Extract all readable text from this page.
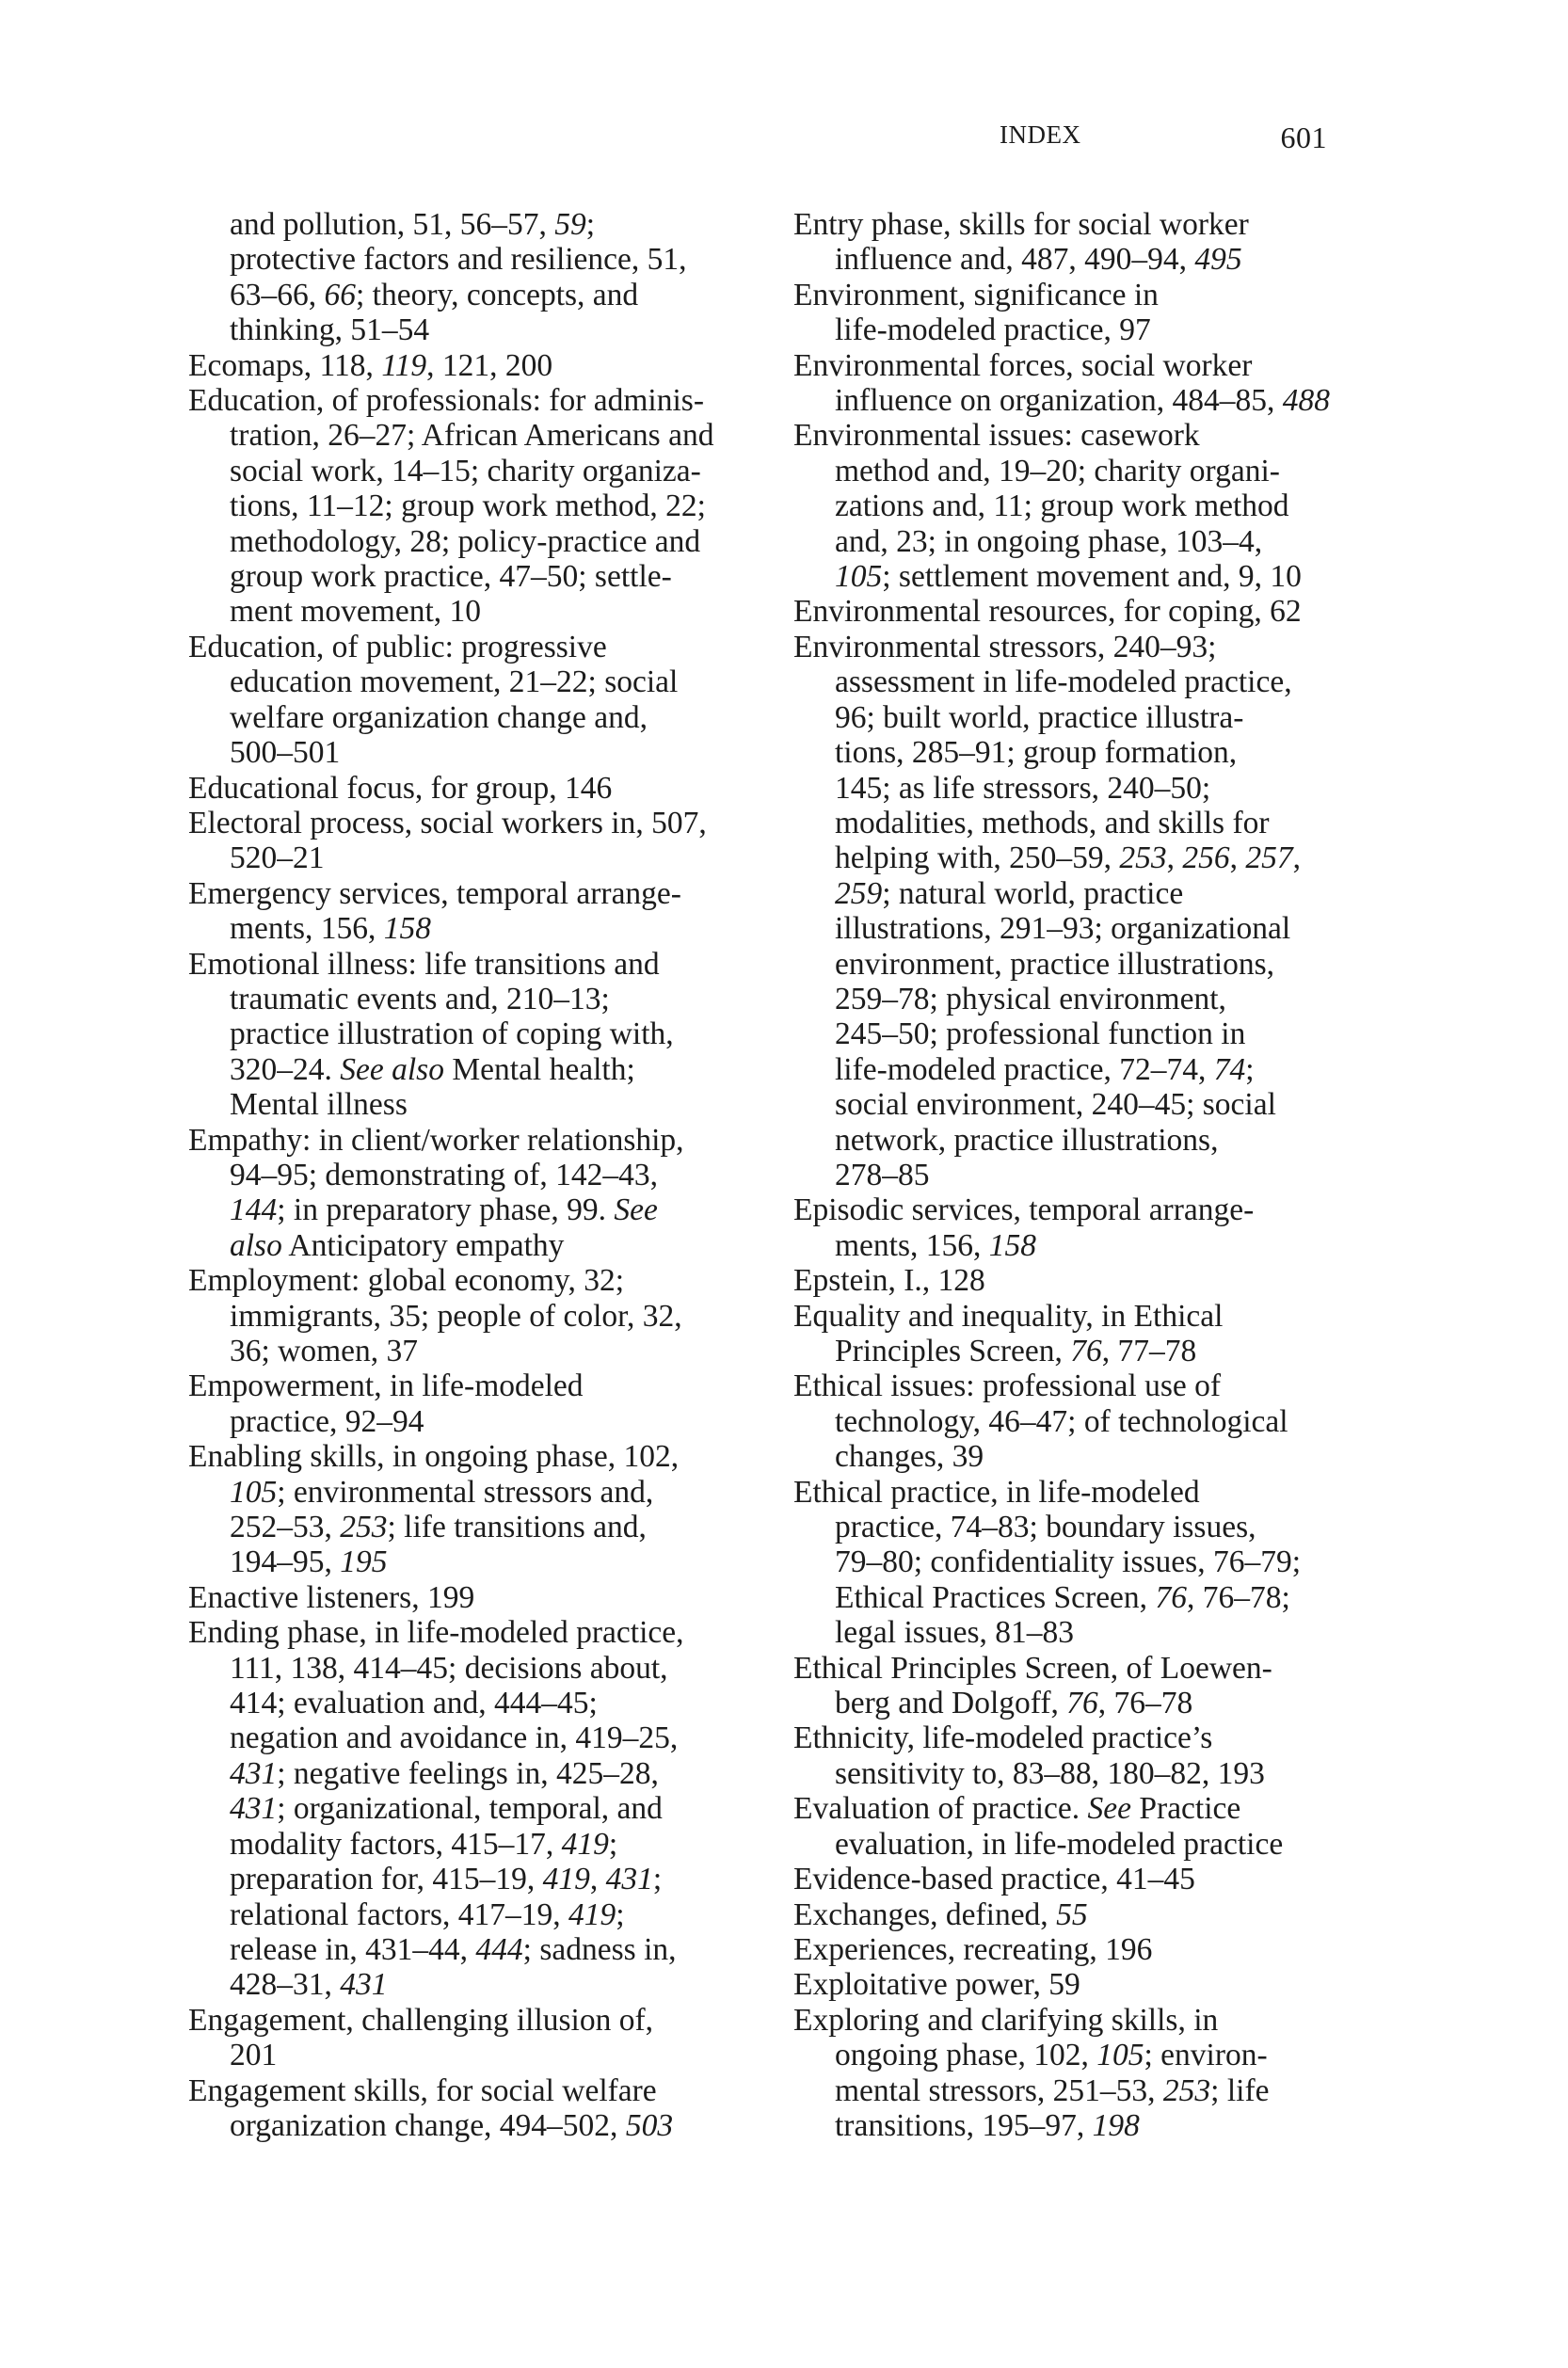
INDEX	601
and pollution, 51, 56–57, 59;
protective factors and resilience, 51,
63–66, 66; theory, concepts, and
thinking, 51–54
Ecomaps, 118, 119, 121, 200
Education, of professionals: for adminis-
tration, 26–27; African Americans and
social work, 14–15; charity organiza-
tions, 11–12; group work method, 22;
methodology, 28; policy-practice and
group work practice, 47–50; settle-
ment movement, 10
Education, of public: progressive
education movement, 21–22; social
welfare organization change and,
500–501
Educational focus, for group, 146
Electoral process, social workers in, 507,
520–21
Emergency services, temporal arrange-
ments, 156, 158
Emotional illness: life transitions and
traumatic events and, 210–13;
practice illustration of coping with,
320–24. See also Mental health;
Mental illness
Empathy: in client/worker relationship,
94–95; demonstrating of, 142–43,
144; in preparatory phase, 99. See
also Anticipatory empathy
Employment: global economy, 32;
immigrants, 35; people of color, 32,
36; women, 37
Empowerment, in life-modeled
practice, 92–94
Enabling skills, in ongoing phase, 102,
105; environmental stressors and,
252–53, 253; life transitions and,
194–95, 195
Enactive listeners, 199
Ending phase, in life-modeled practice,
111, 138, 414–45; decisions about,
414; evaluation and, 444–45;
negation and avoidance in, 419–25,
431; negative feelings in, 425–28,
431; organizational, temporal, and
modality factors, 415–17, 419;
preparation for, 415–19, 419, 431;
relational factors, 417–19, 419;
release in, 431–44, 444; sadness in,
428–31, 431
Engagement, challenging illusion of,
201
Engagement skills, for social welfare
organization change, 494–502, 503
Entry phase, skills for social worker
influence and, 487, 490–94, 495
Environment, significance in
life-modeled practice, 97
Environmental forces, social worker
influence on organization, 484–85, 488
Environmental issues: casework
method and, 19–20; charity organi-
zations and, 11; group work method
and, 23; in ongoing phase, 103–4,
105; settlement movement and, 9, 10
Environmental resources, for coping, 62
Environmental stressors, 240–93;
assessment in life-modeled practice,
96; built world, practice illustra-
tions, 285–91; group formation,
145; as life stressors, 240–50;
modalities, methods, and skills for
helping with, 250–59, 253, 256, 257,
259; natural world, practice
illustrations, 291–93; organizational
environment, practice illustrations,
259–78; physical environment,
245–50; professional function in
life-modeled practice, 72–74, 74;
social environment, 240–45; social
network, practice illustrations,
278–85
Episodic services, temporal arrange-
ments, 156, 158
Epstein, I., 128
Equality and inequality, in Ethical
Principles Screen, 76, 77–78
Ethical issues: professional use of
technology, 46–47; of technological
changes, 39
Ethical practice, in life-modeled
practice, 74–83; boundary issues,
79–80; confidentiality issues, 76–79;
Ethical Practices Screen, 76, 76–78;
legal issues, 81–83
Ethical Principles Screen, of Loewen-
berg and Dolgoff, 76, 76–78
Ethnicity, life-modeled practice’s
sensitivity to, 83–88, 180–82, 193
Evaluation of practice. See Practice
evaluation, in life-modeled practice
Evidence-based practice, 41–45
Exchanges, defined, 55
Experiences, recreating, 196
Exploitative power, 59
Exploring and clarifying skills, in
ongoing phase, 102, 105; environ-
mental stressors, 251–53, 253; life
transitions, 195–97, 198
